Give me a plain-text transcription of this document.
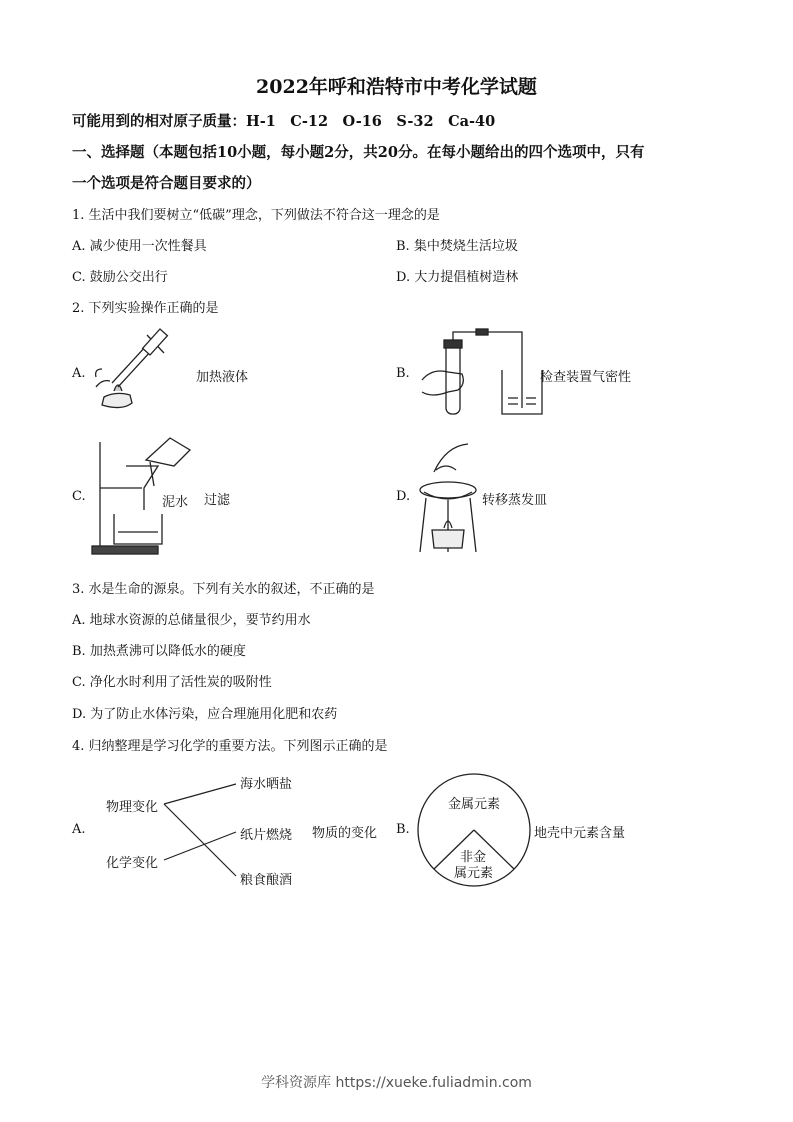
2022年呼和浩特市中考化学试题
可能用到的相对原子质量：H-1　C-12　O-16　S-32　Ca-40
一、选择题（本题包括10小题，每小题2分，共20分。在每小题给出的四个选项中，只有
一个选项是符合题目要求的）
1. 生活中我们要树立“低碳”理念，下列做法不符合这一理念的是
A. 减少使用一次性餐具	B. 集中焚烧生活垃圾
C. 鼓励公交出行	D. 大力提倡植树造林
2. 下列实验操作正确的是
A.	加热液体	B.	检查装置气密性
C.	泥水 过滤	D.	转移蒸发皿
3. 水是生命的源泉。下列有关水的叙述，不正确的是
A. 地球水资源的总储量很少，要节约用水
B. 加热煮沸可以降低水的硬度
C. 净化水时利用了活性炭的吸附性
D. 为了防止水体污染，应合理施用化肥和农药
4. 归纳整理是学习化学的重要方法。下列图示正确的是
A.
物理变化
化学变化
海水晒盐
纸片燃烧
粮食酿酒
物质的变化 B.
金属元素
非金
属元素
地壳中元素含量
学科资源库 https://xueke.fuliadmin.com
